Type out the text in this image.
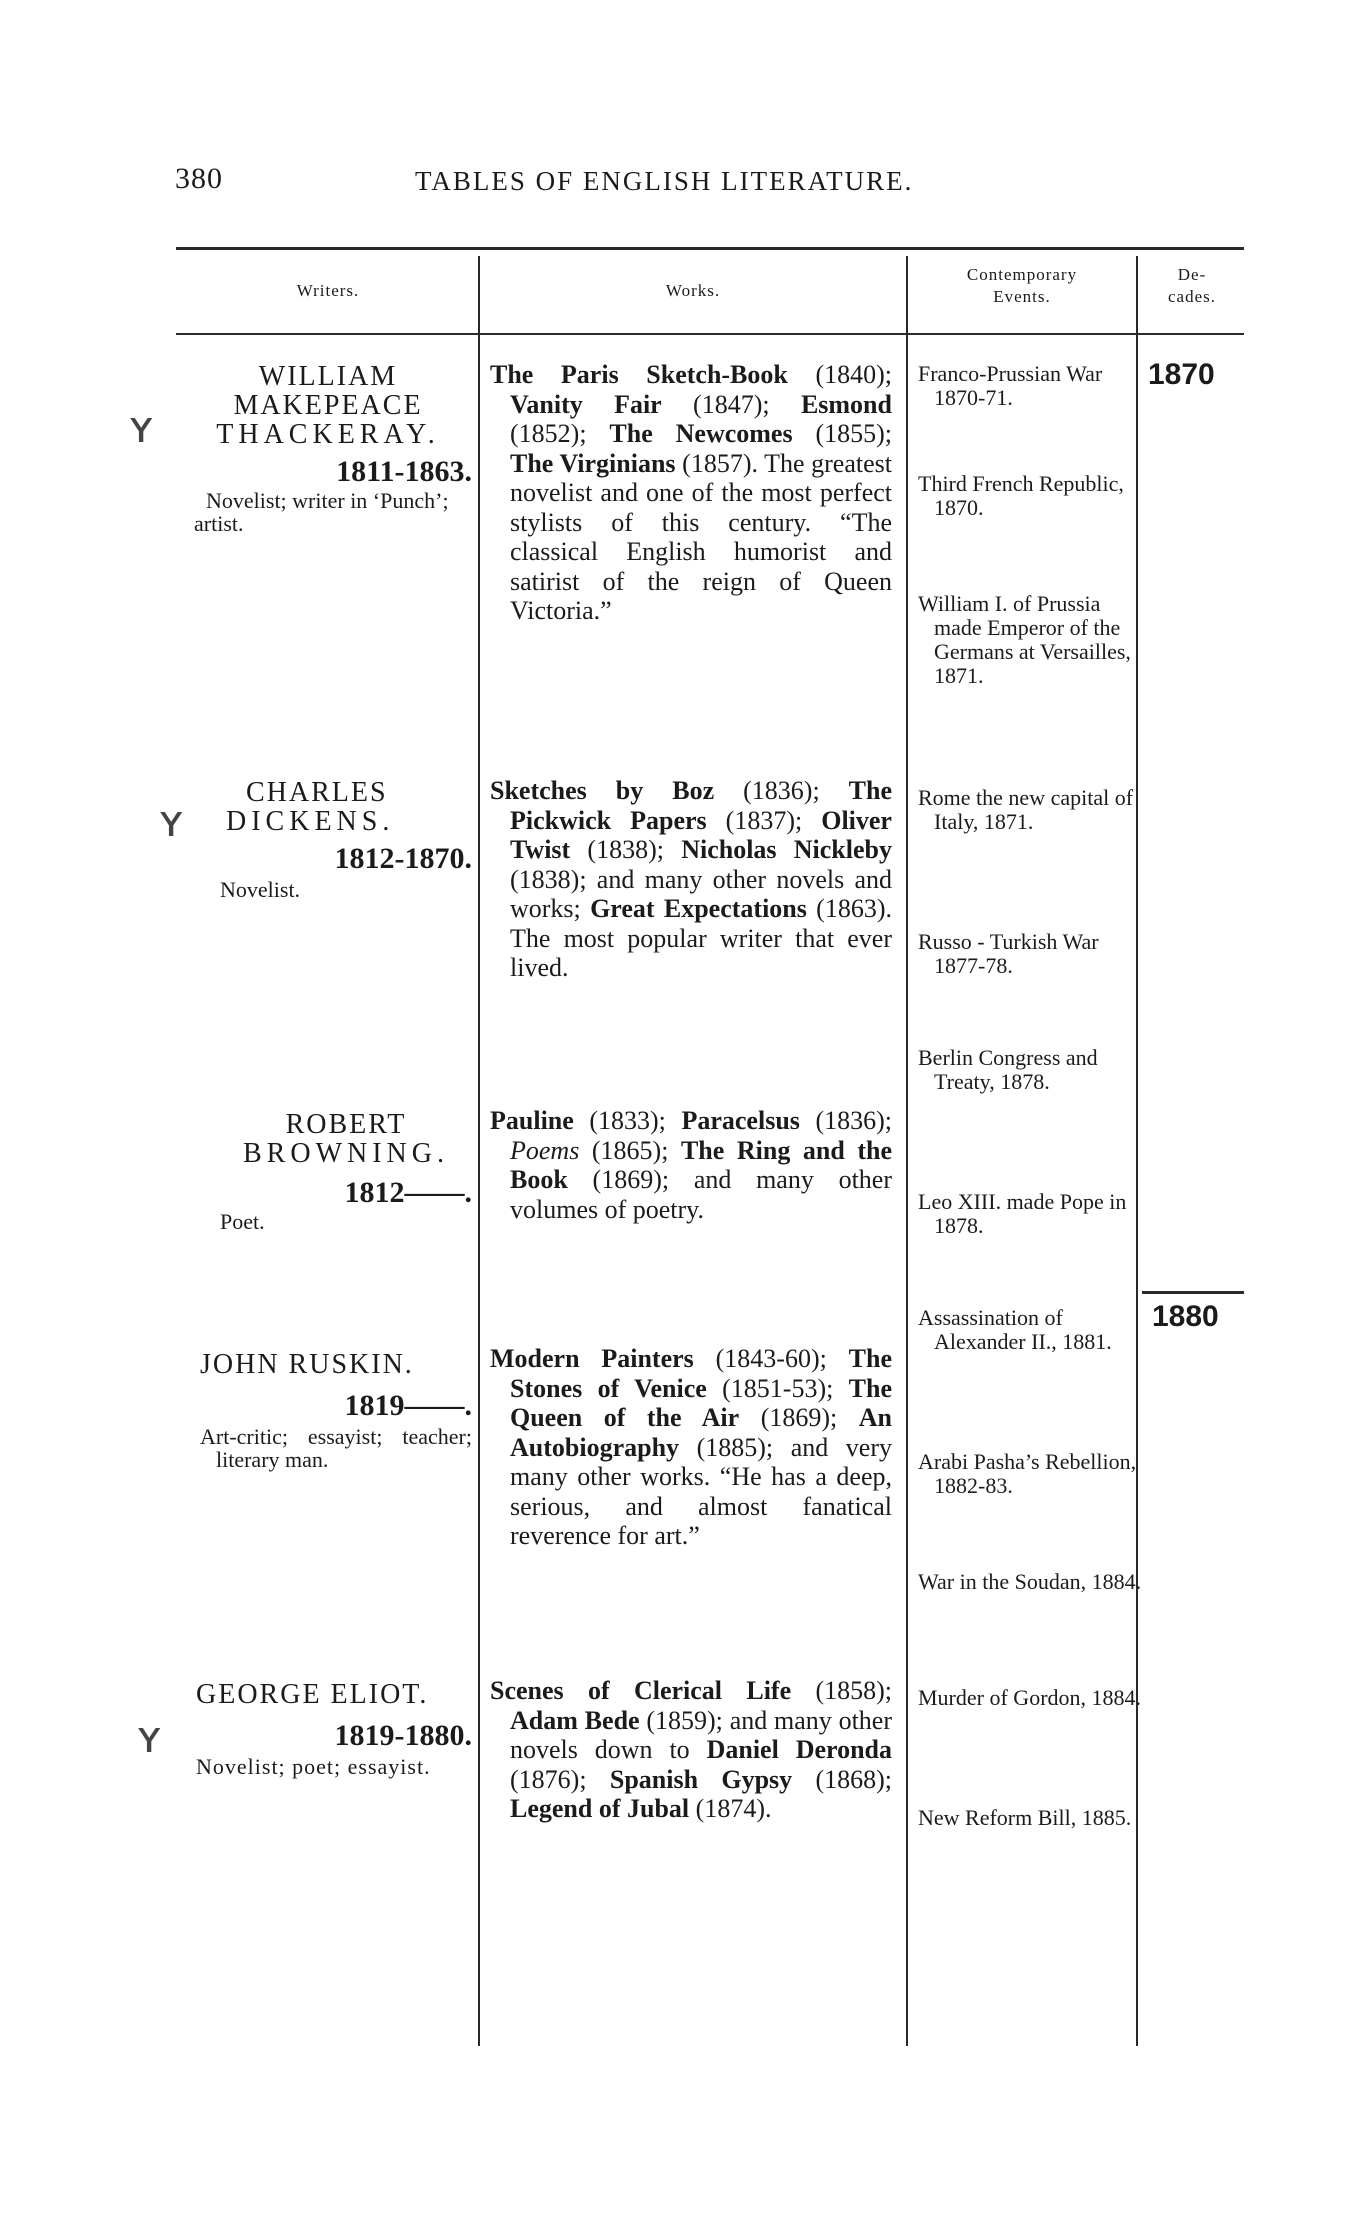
380	TABLES OF ENGLISH LITERATURE.
Writers.	Works.
Contemporary
Events.
De-
cades.
ʏ
ʏ
ʏ
WILLIAM
MAKEPEACE
THACKERAY.
1811-1863.
Novelist; writer in ‘Punch’; artist.

The Paris Sketch-Book (1840); Vanity Fair (1847); Esmond (1852); The Newcomes (1855); The Virginians (1857). The greatest novelist and one of the most perfect stylists of this century. “The classical English humorist and satirist of the reign of Queen Victoria.”

CHARLES
DICKENS.
1812-1870.
Novelist.

Sketches by Boz (1836); The Pickwick Papers (1837); Oliver Twist (1838); Nicholas Nickleby (1838); and many other novels and works; Great Expectations (1863). The most popular writer that ever lived.

ROBERT
BROWNING.
1812——.
Poet.

Pauline (1833); Paracelsus (1836); Poems (1865); The Ring and the Book (1869); and many other volumes of poetry.

JOHN RUSKIN.
1819——.
Art-critic; essayist; teacher; literary man.

Modern Painters (1843-60); The Stones of Venice (1851-53); The Queen of the Air (1869); An Autobiography (1885); and very many other works. “He has a deep, serious, and almost fanatical reverence for art.”

GEORGE ELIOT.
1819-1880.
Novelist; poet; essayist.

Scenes of Clerical Life (1858); Adam Bede (1859); and many other novels down to Daniel Deronda (1876); Spanish Gypsy (1868); Legend of Jubal (1874).

Franco-Prussian War 1870-71.
Third French Republic, 1870.
William I. of Prussia made Emperor of the Germans at Versailles, 1871.
Rome the new capital of Italy, 1871.
Russo - Turkish War 1877-78.
Berlin Congress and Treaty, 1878.
Leo XIII. made Pope in 1878.
Assassination of Alexander II., 1881.
Arabi Pasha’s Rebellion, 1882-83.
War in the Soudan, 1884.
Murder of Gordon, 1884.
New Reform Bill, 1885.
1870
1880
